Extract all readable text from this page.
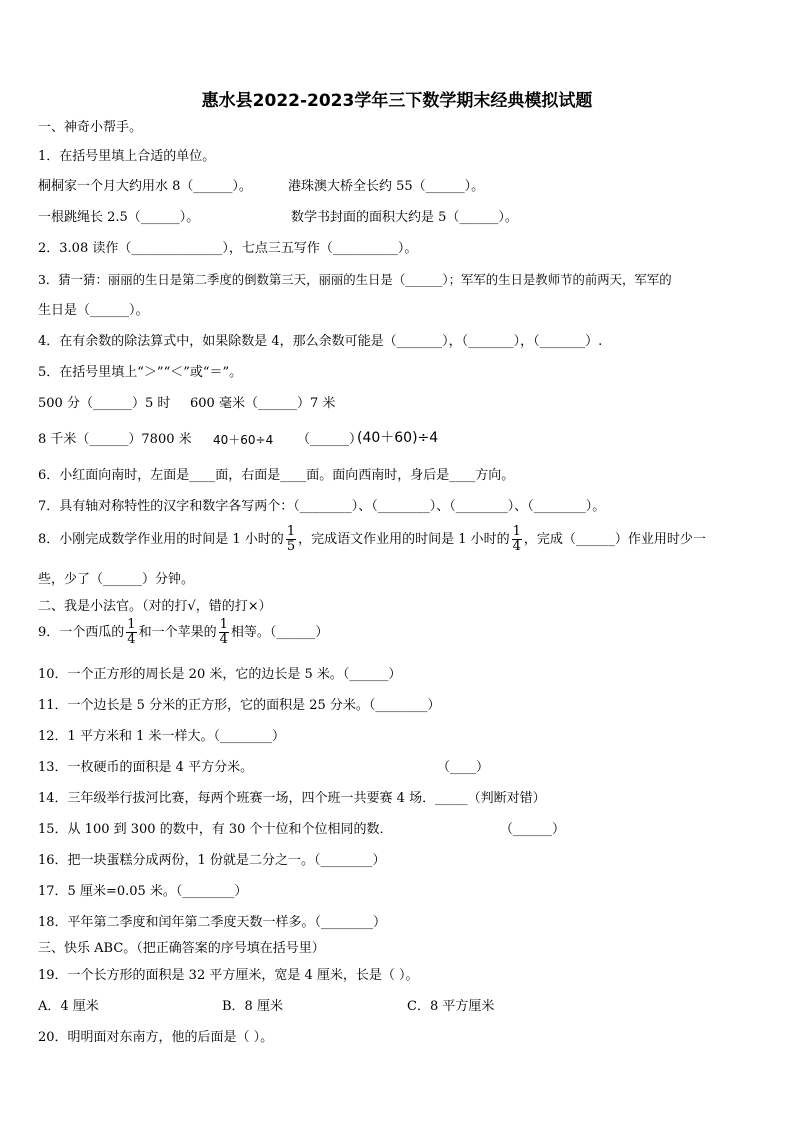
惠水县2022-2023学年三下数学期末经典模拟试题
一、神奇小帮手。
1．在括号里填上合适的单位。
桐桐家一个月大约用水 8（______）。	港珠澳大桥全长约 55（______）。
一根跳绳长 2.5（______）。	数学书封面的面积大约是 5（______）。
2．3.08 读作（______________），七点三五写作（__________）。
3．猜一猜：丽丽的生日是第二季度的倒数第三天，丽丽的生日是（______）；军军的生日是教师节的前两天，军军的
生日是（______）。
4．在有余数的除法算式中，如果除数是 4，那么余数可能是（_______），（_______），（_______）.
5．在括号里填上“＞”“＜”或“＝”。
500 分（______）5 时 600 毫米（______）7 米
8 千米（______）7800 米 40＋60÷4 （______）
(40＋60)÷4
6．小红面向南时，左面是____面，右面是____面。面向西南时，身后是____方向。
7．具有轴对称特性的汉字和数字各写两个：（________）、（________）、（________）、（________）。
8．小刚完成数学作业用的时间是 1 小时的 $\frac{1}{5}$ ，完成语文作业用的时间是 1 小时的 $\frac{1}{4}$ ，完成（______）作业用时少一
些，少了（______）分钟。
二、我是小法官。（对的打√，错的打×）
9．一个西瓜的 $\frac{1}{4}$ 和一个苹果的 $\frac{1}{4}$ 相等。（______）
10．一个正方形的周长是 20 米，它的边长是 5 米。（______）
11．一个边长是 5 分米的正方形，它的面积是 25 分米。（________）
12．1 平方米和 1 米一样大。（________）
13．一枚硬币的面积是 4 平方分米。	（____）
14．三年级举行拔河比赛，每两个班赛一场，四个班一共要赛 4 场．_____（判断对错）
15．从 100 到 300 的数中，有 30 个十位和个位相同的数．	（______）
16．把一块蛋糕分成两份，1 份就是二分之一。（________）
17．5 厘米=0.05 米。（________）
18．平年第二季度和闰年第二季度天数一样多。（________）
三、快乐 ABC。（把正确答案的序号填在括号里）
19．一个长方形的面积是 32 平方厘米，宽是 4 厘米，长是（ ）。
A．4 厘米	B．8 厘米	C．8 平方厘米
20．明明面对东南方，他的后面是（ ）。
